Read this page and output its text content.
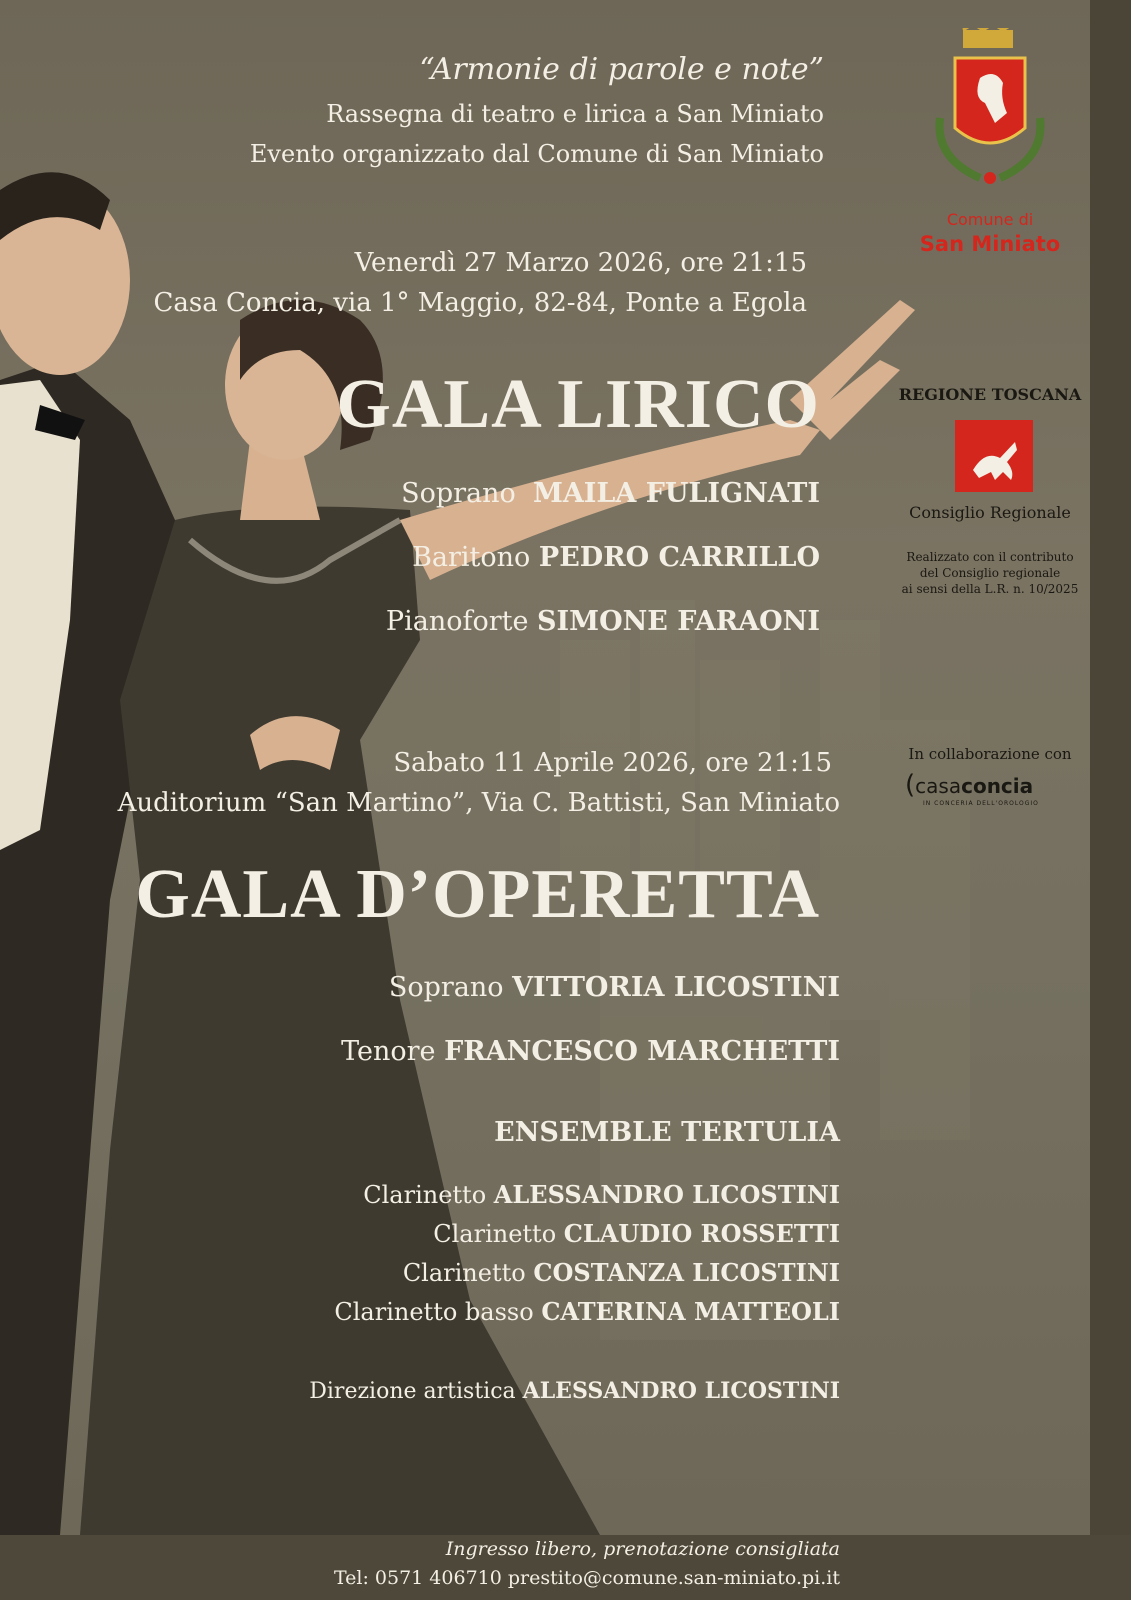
“Armonie di parole e note”
Rassegna di teatro e lirica a San Miniato
Evento organizzato dal Comune di San Miniato
Venerdì 27 Marzo 2026, ore 21:15
Casa Concia, via 1° Maggio, 82-84, Ponte a Egola
GALA LIRICO
Soprano MAILA FULIGNATI
Baritono PEDRO CARRILLO
Pianoforte SIMONE FARAONI
Sabato 11 Aprile 2026, ore 21:15
Auditorium “San Martino”, Via C. Battisti, San Miniato
GALA D’OPERETTA
Soprano VITTORIA LICOSTINI
Tenore FRANCESCO MARCHETTI
ENSEMBLE TERTULIA
Clarinetto ALESSANDRO LICOSTINI
Clarinetto CLAUDIO ROSSETTI
Clarinetto COSTANZA LICOSTINI
Clarinetto basso CATERINA MATTEOLI
Direzione artistica ALESSANDRO LICOSTINI
Ingresso libero, prenotazione consigliata
Tel: 0571 406710 prestito@comune.san-miniato.pi.it
Comune di
San Miniato
REGIONE TOSCANA
Consiglio Regionale
Realizzato con il contributo
del Consiglio regionale
ai sensi della L.R. n. 10/2025
In collaborazione con
(casaconcia
IN CONCERIA DELL'OROLOGIO
